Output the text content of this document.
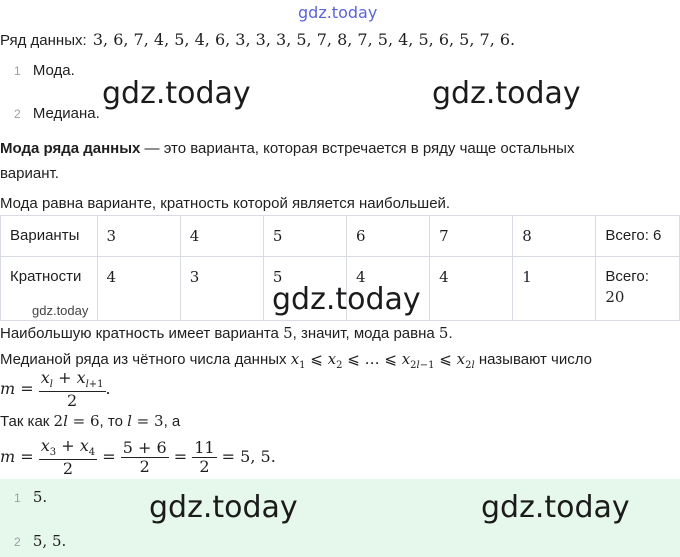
gdz.today
Ряд данных: 3, 6, 7, 4, 5, 4, 6, 3, 3, 3, 5, 7, 8, 7, 5, 4, 5, 6, 5, 7, 6.
1 Мода.
2 Медиана.
gdz.today	gdz.today
Мода ряда данных — это варианта, которая встречается в ряду чаще остальных
вариант.
Мода равна варианте, кратность которой является наибольшей.
Варианты	3	4	5	6	7	8	Всего: 6
Кратности	4	3	5	4	4	1	Всего:
20
gdz.today	gdz.today
Наибольшую кратность имеет варианта 5, значит, мода равна 5.
Медианой ряда из чётного числа данных $x_1$ ⩽ $x_2$ ⩽ … ⩽ $x_{2l-1}$ ⩽ $x_{2l}$ называют число
$m = \frac{x_l + x_{l+1}}{2}$ .
Так как 2l = 6, то l = 3, а
$m = \frac{x_3 + x_4}{2} = \frac{5 + 6}{2} = \frac{11}{2} = 5$, 5.
1 5.
2 5, 5.
gdz.today	gdz.today
